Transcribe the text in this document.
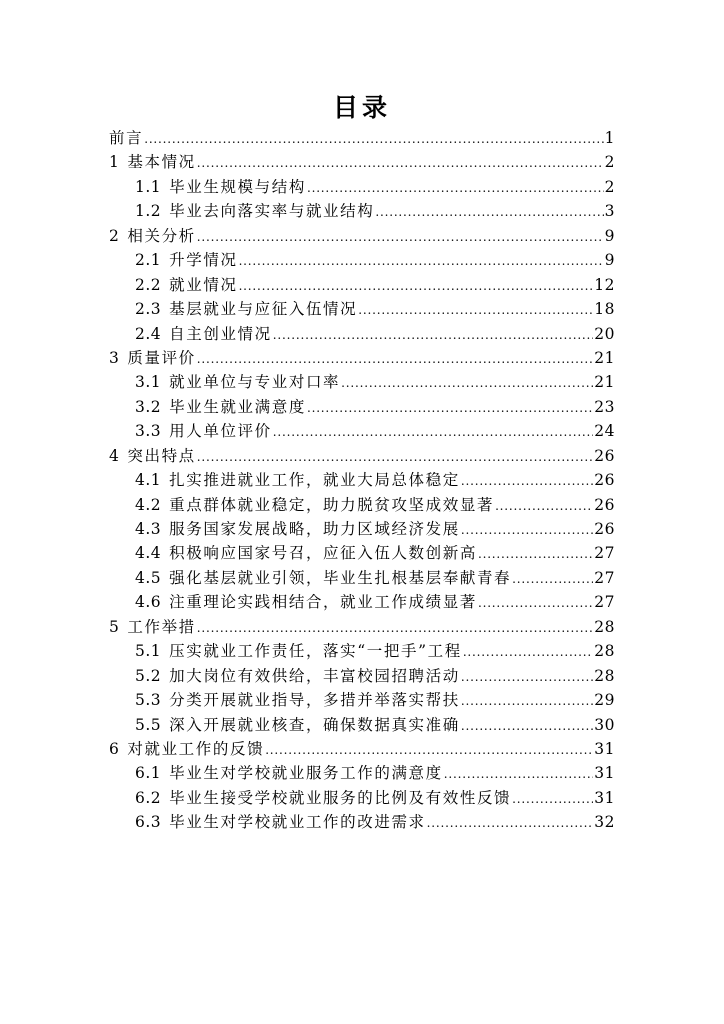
目录
前言 .....	1
1 基本情况 .....	2
1.1 毕业生规模与结构 .....	2
1.2 毕业去向落实率与就业结构 .....	3
2 相关分析 .....	9
2.1 升学情况 .....	9
2.2 就业情况 .....	12
2.3 基层就业与应征入伍情况 .....	18
2.4 自主创业情况 .....	20
3 质量评价 .....	21
3.1 就业单位与专业对口率 .....	21
3.2 毕业生就业满意度 .....	23
3.3 用人单位评价 .....	24
4 突出特点 .....	26
4.1 扎实推进就业工作，就业大局总体稳定 .....	26
4.2 重点群体就业稳定，助力脱贫攻坚成效显著 .....	26
4.3 服务国家发展战略，助力区域经济发展 .....	26
4.4 积极响应国家号召，应征入伍人数创新高 .....	27
4.5 强化基层就业引领，毕业生扎根基层奉献青春 .....	27
4.6 注重理论实践相结合，就业工作成绩显著 .....	27
5 工作举措 .....	28
5.1 压实就业工作责任，落实“一把手”工程 .....	28
5.2 加大岗位有效供给，丰富校园招聘活动 .....	28
5.3 分类开展就业指导，多措并举落实帮扶 .....	29
5.5 深入开展就业核查，确保数据真实准确 .....	30
6 对就业工作的反馈 .....	31
6.1 毕业生对学校就业服务工作的满意度 .....	31
6.2 毕业生接受学校就业服务的比例及有效性反馈 .....	31
6.3 毕业生对学校就业工作的改进需求 .....	32
